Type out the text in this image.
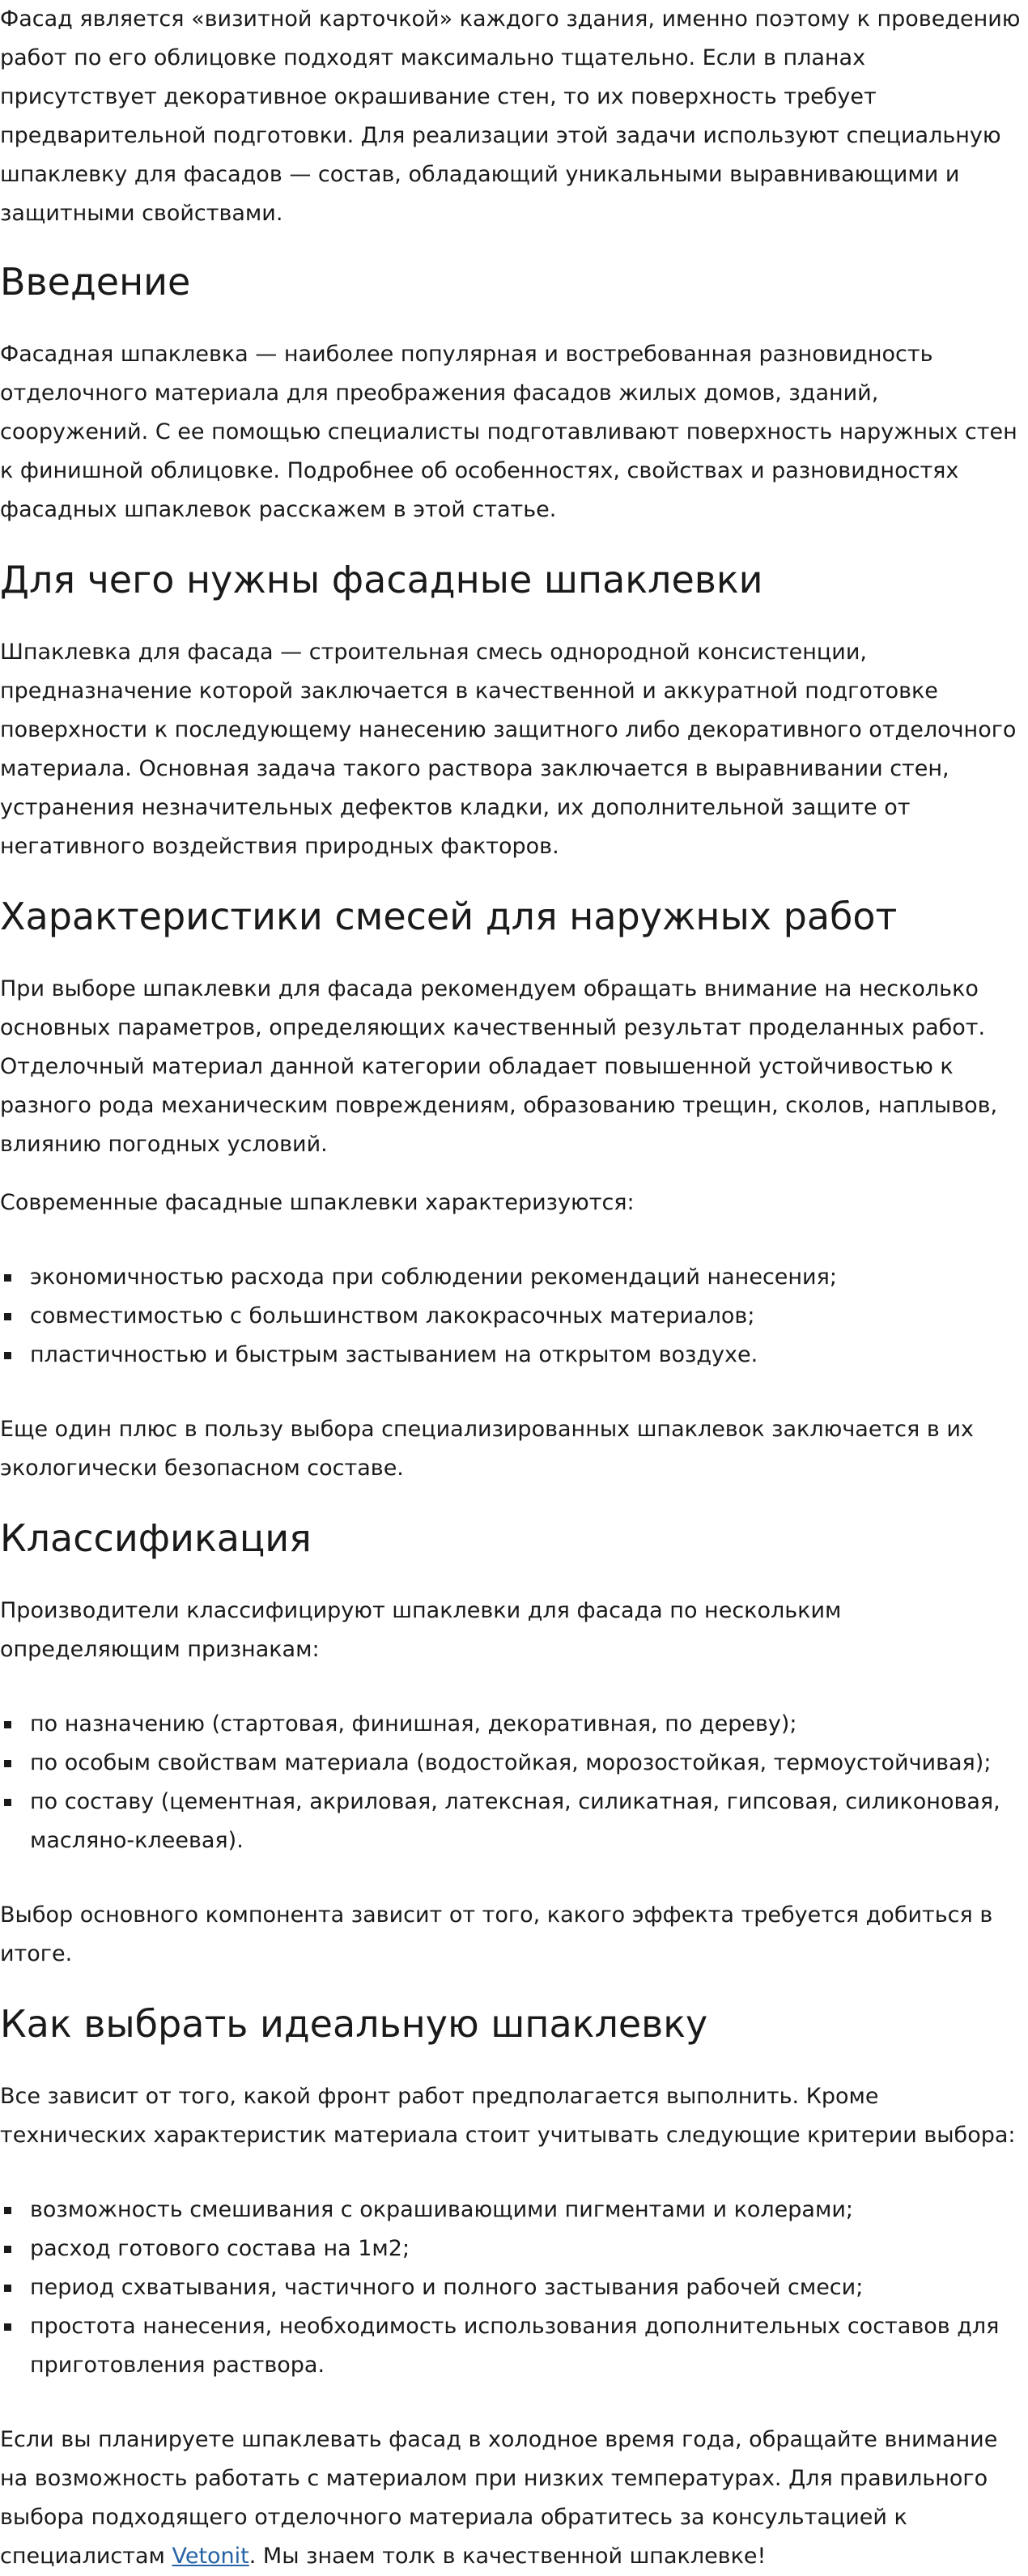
Фасад является «визитной карточкой» каждого здания, именно поэтому к проведению работ по его облицовке подходят максимально тщательно. Если в планах присутствует декоративное окрашивание стен, то их поверхность требует предварительной подготовки. Для реализации этой задачи используют специальную шпаклевку для фасадов — состав, обладающий уникальными выравнивающими и защитными свойствами.

Введение

Фасадная шпаклевка — наиболее популярная и востребованная разновидность отделочного материала для преображения фасадов жилых домов, зданий, сооружений. С ее помощью специалисты подготавливают поверхность наружных стен к финишной облицовке. Подробнее об особенностях, свойствах и разновидностях фасадных шпаклевок расскажем в этой статье.

Для чего нужны фасадные шпаклевки

Шпаклевка для фасада — строительная смесь однородной консистенции, предназначение которой заключается в качественной и аккуратной подготовке поверхности к последующему нанесению защитного либо декоративного отделочного материала. Основная задача такого раствора заключается в выравнивании стен, устранения незначительных дефектов кладки, их дополнительной защите от негативного воздействия природных факторов.

Характеристики смесей для наружных работ

При выборе шпаклевки для фасада рекомендуем обращать внимание на несколько основных параметров, определяющих качественный результат проделанных работ. Отделочный материал данной категории обладает повышенной устойчивостью к разного рода механическим повреждениям, образованию трещин, сколов, наплывов, влиянию погодных условий.

Современные фасадные шпаклевки характеризуются:

экономичностью расхода при соблюдении рекомендаций нанесения;
совместимостью с большинством лакокрасочных материалов;
пластичностью и быстрым застыванием на открытом воздухе.

Еще один плюс в пользу выбора специализированных шпаклевок заключается в их экологически безопасном составе.

Классификация

Производители классифицируют шпаклевки для фасада по нескольким определяющим признакам:

по назначению (стартовая, финишная, декоративная, по дереву);
по особым свойствам материала (водостойкая, морозостойкая, термоустойчивая);
по составу (цементная, акриловая, латексная, силикатная, гипсовая, силиконовая, масляно-клеевая).

Выбор основного компонента зависит от того, какого эффекта требуется добиться в итоге.

Как выбрать идеальную шпаклевку

Все зависит от того, какой фронт работ предполагается выполнить. Кроме технических характеристик материала стоит учитывать следующие критерии выбора:

возможность смешивания с окрашивающими пигментами и колерами;
расход готового состава на 1м2;
период схватывания, частичного и полного застывания рабочей смеси;
простота нанесения, необходимость использования дополнительных составов для приготовления раствора.

Если вы планируете шпаклевать фасад в холодное время года, обращайте внимание на возможность работать с материалом при низких температурах. Для правильного выбора подходящего отделочного материала обратитесь за консультацией к специалистам Vetonit. Мы знаем толк в качественной шпаклевке!
